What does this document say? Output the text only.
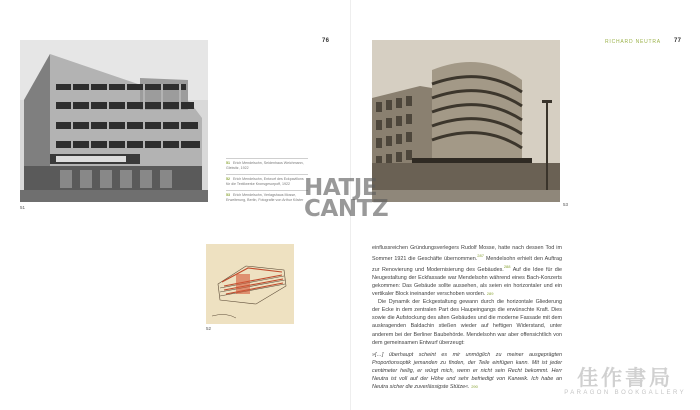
76
51
51 Erich Mendelsohn, Seidenhaus Weichmann, Gleiwitz, 1922
52 Erich Mendelsohn, Entwurf des Eckpavillons für die Textilwerke Kronsgesorpoff, 1922
53 Erich Mendelsohn, Verlagshaus Mosse, Erweiterung, Berlin, Fotografie von Arthur Köster
52
RICHARD NEUTRA 77
53
HATJE
CANTZ

einflussreichen Gründungsverlegers Rudolf Mosse, hatte nach dessen Tod im Sommer 1921 die Geschäfte übernommen.$^{287}$ Mendelsohn erhielt den Auftrag zur Renovierung und Modernisierung des Gebäudes.$^{288}$ Auf die Idee für die Neugestaltung der Eckfassade war Mendelsohn während eines Bach-Konzerts gekommen: Das Gebäude sollte aussehen, als seien ein horizontaler und ein vertikaler Block ineinander verschoben worden. 289

Die Dynamik der Eckgestaltung gewann durch die horizontale Gliederung der Ecke in dem zentralen Part des Haupeingangs die erwünschte Kraft. Dies sowie die Aufstockung des alten Gebäudes und die moderne Fassade mit dem auskragenden Baldachin stießen wieder auf heftigen Widerstand, unter anderem bei der Berliner Baubehörde. Mendelsohn war aber offensichtlich von dem gemeinsamen Entwurf überzeugt:

»[…] überhaupt scheint es mir unmöglich zu meiner ausgeprägten Proportionsoptik jemanden zu finden, der Teile einfügen kann. Mit ist jeder centimeter heilig, er würgt mich, wenn er nicht sein Recht bekommt. Herr Neutra ist voll auf der Höhe und sehr befriedigt von Karweik. Ich habe an Neutra sicher die zuverlässigste Stütze«. 290	佳作書局
PARAGON BOOKGALLERY
